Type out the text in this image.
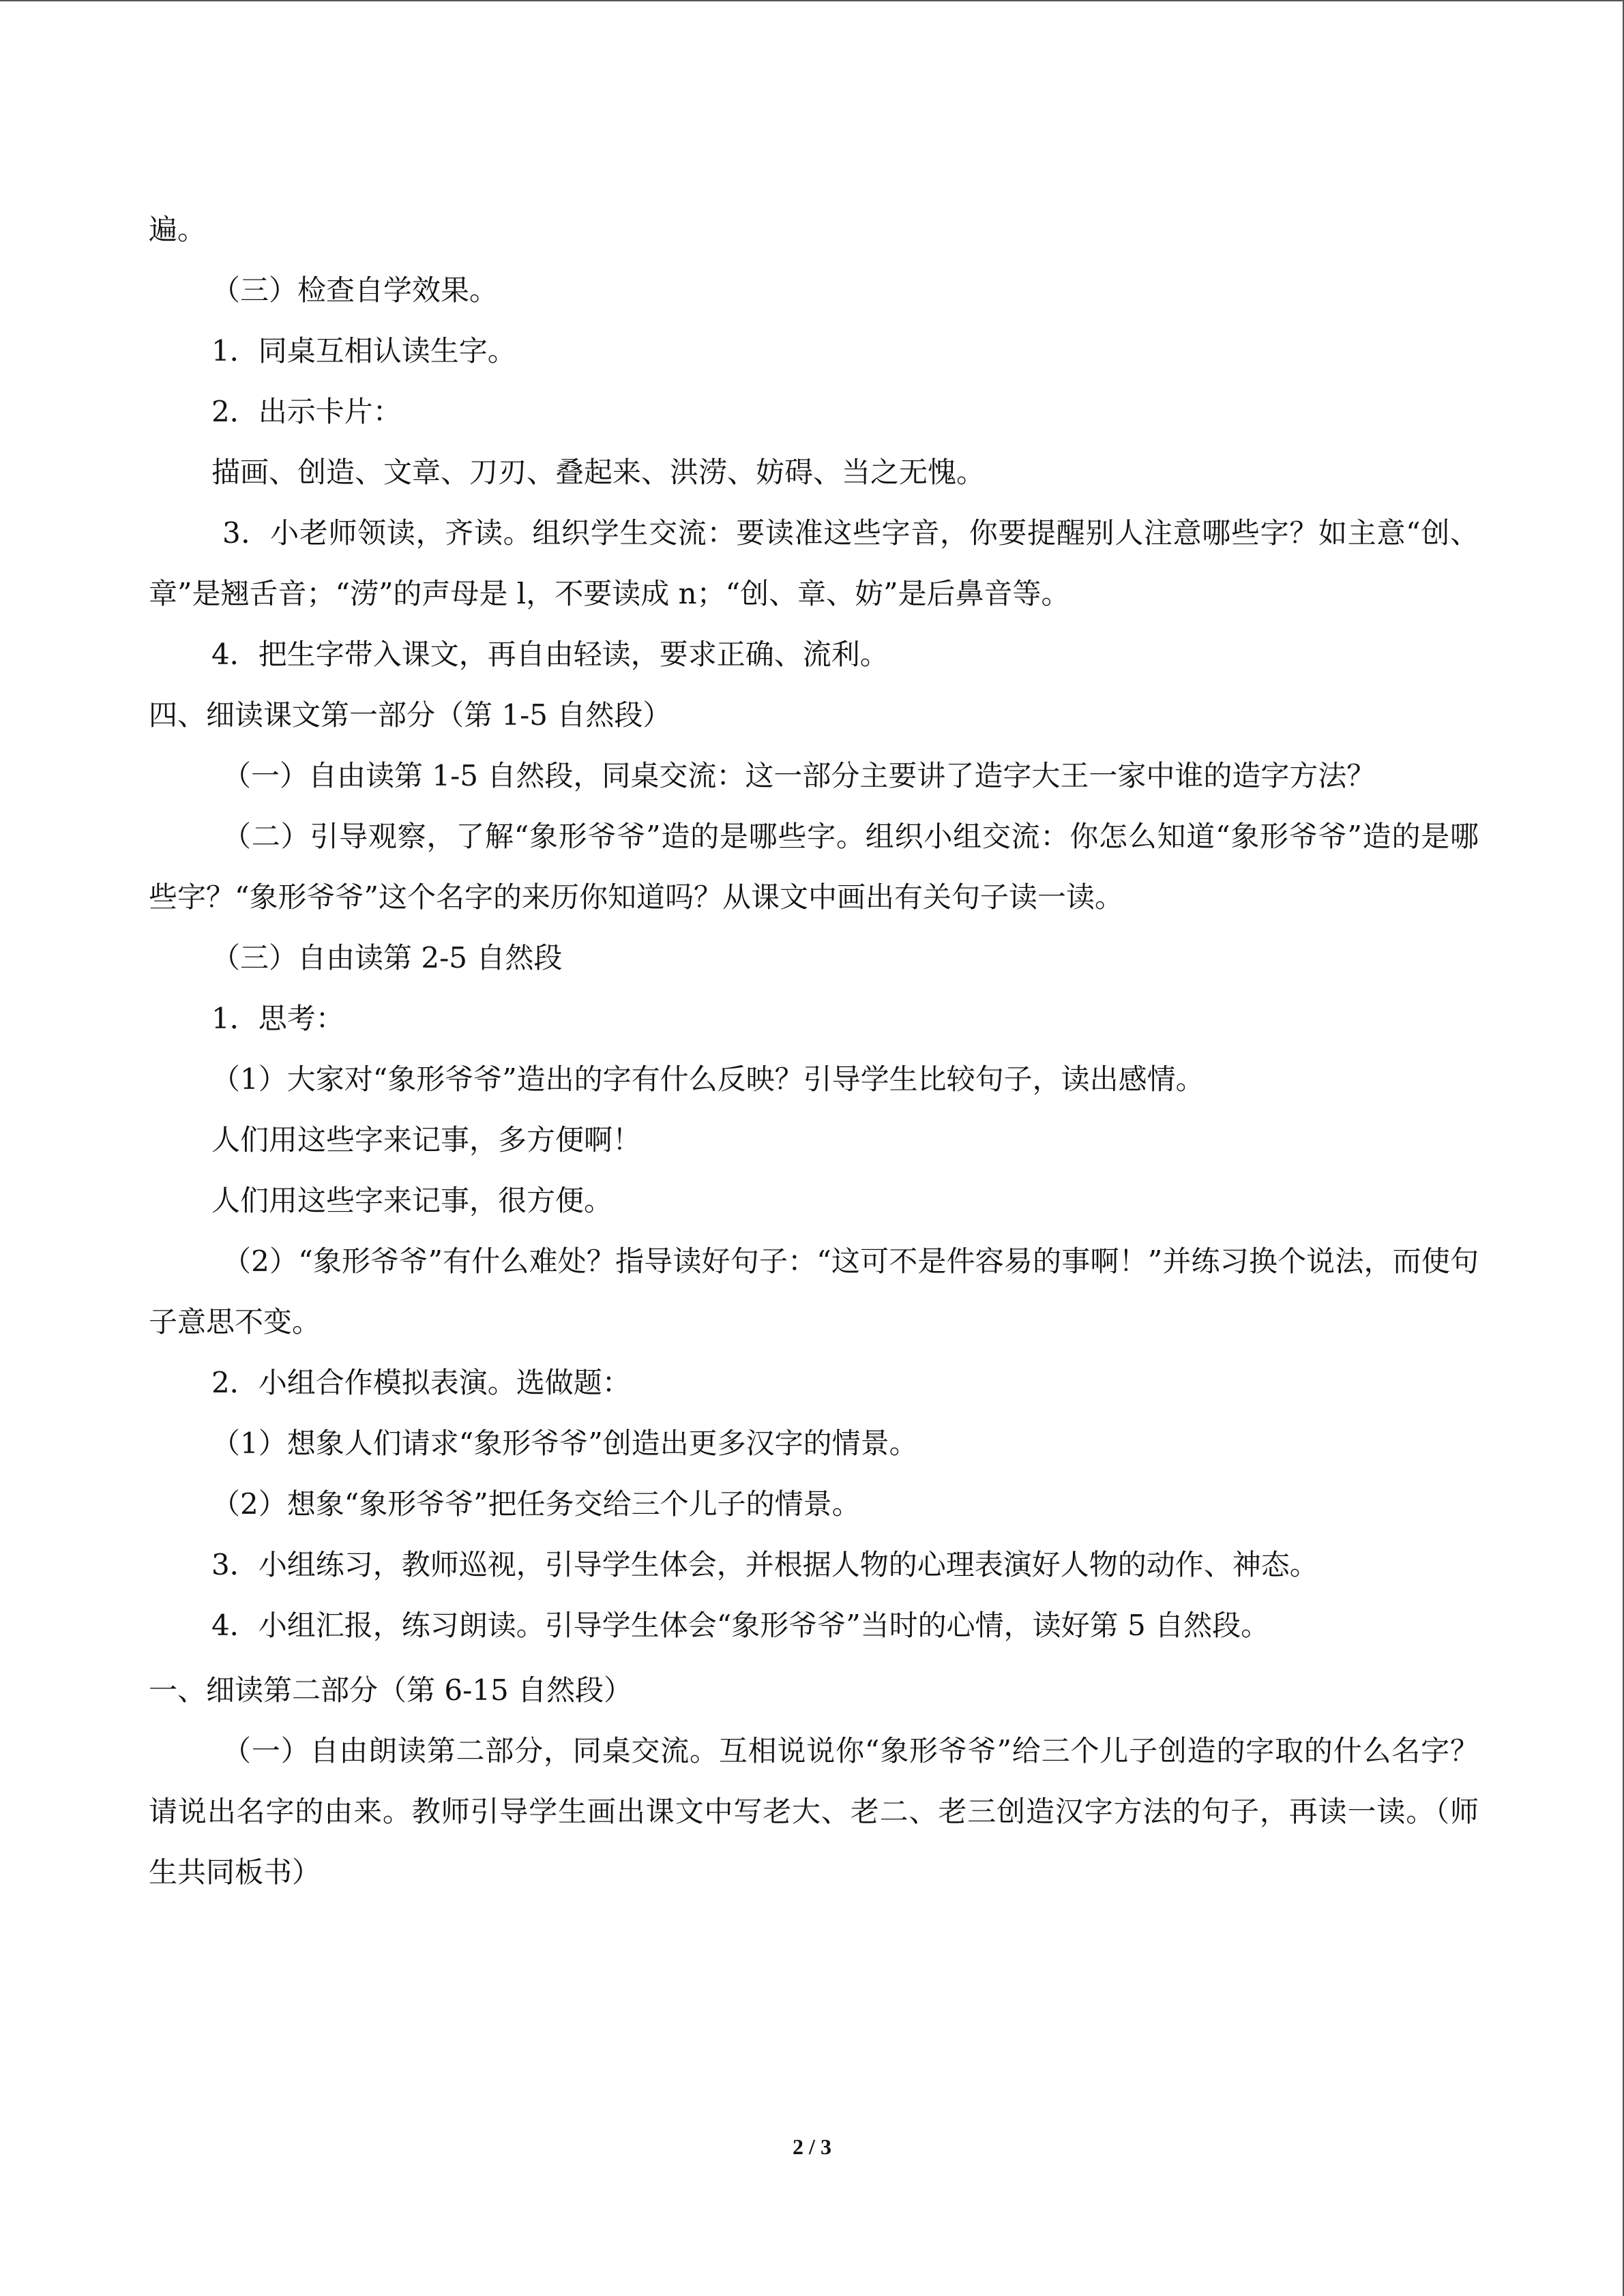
遍。

（三）检查自学效果。

1．同桌互相认读生字。

2．出示卡片：

描画、创造、文章、刀刃、叠起来、洪涝、妨碍、当之无愧。

3．小老师领读，齐读。组织学生交流：要读准这些字音，你要提醒别人注意哪些字？如主意“创、章”是翘舌音；“涝”的声母是 l，不要读成 n；“创、章、妨”是后鼻音等。

4．把生字带入课文，再自由轻读，要求正确、流利。

四、细读课文第一部分（第 1-5 自然段）

（一）自由读第 1-5 自然段，同桌交流：这一部分主要讲了造字大王一家中谁的造字方法？

（二）引导观察，了解“象形爷爷”造的是哪些字。组织小组交流：你怎么知道“象形爷爷”造的是哪些字？“象形爷爷”这个名字的来历你知道吗？从课文中画出有关句子读一读。

（三）自由读第 2-5 自然段

1．思考：

（1）大家对“象形爷爷”造出的字有什么反映？引导学生比较句子，读出感情。

人们用这些字来记事，多方便啊！

人们用这些字来记事，很方便。

（2）“象形爷爷”有什么难处？指导读好句子：“这可不是件容易的事啊！”并练习换个说法，而使句子意思不变。

2．小组合作模拟表演。选做题：

（1）想象人们请求“象形爷爷”创造出更多汉字的情景。

（2）想象“象形爷爷”把任务交给三个儿子的情景。

3．小组练习，教师巡视，引导学生体会，并根据人物的心理表演好人物的动作、神态。

4．小组汇报，练习朗读。引导学生体会“象形爷爷”当时的心情，读好第 5 自然段。

一、细读第二部分（第 6-15 自然段）

（一）自由朗读第二部分，同桌交流。互相说说你“象形爷爷”给三个儿子创造的字取的什么名字？请说出名字的由来。教师引导学生画出课文中写老大、老二、老三创造汉字方法的句子，再读一读。（师生共同板书）

2 / 3
